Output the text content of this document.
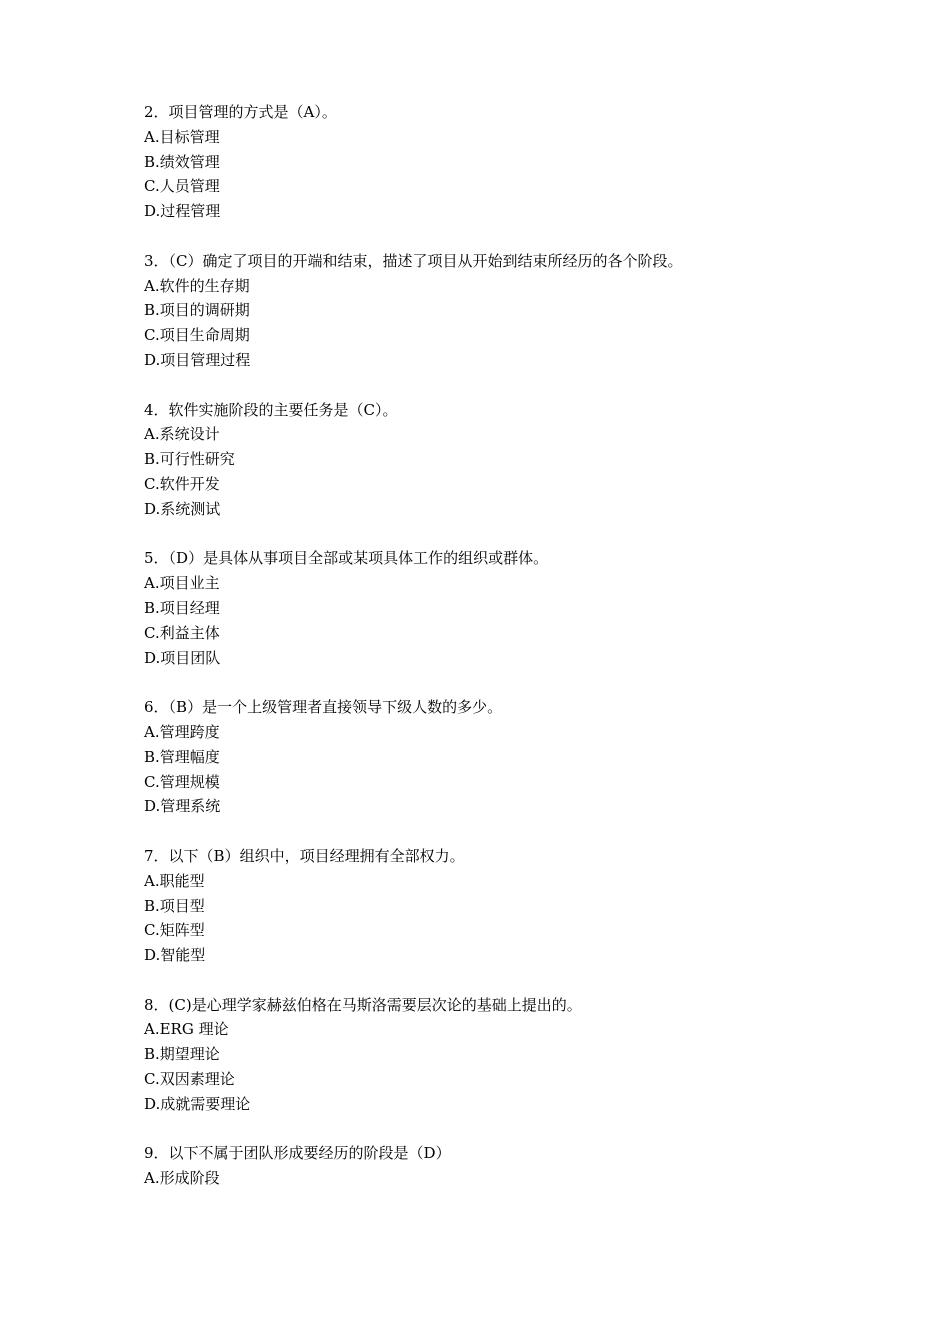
2．项目管理的方式是（A）。
A.目标管理
B.绩效管理
C.人员管理
D.过程管理
3．（C）确定了项目的开端和结束，描述了项目从开始到结束所经历的各个阶段。
A.软件的生存期
B.项目的调研期
C.项目生命周期
D.项目管理过程
4．软件实施阶段的主要任务是（C）。
A.系统设计
B.可行性研究
C.软件开发
D.系统测试
5．（D）是具体从事项目全部或某项具体工作的组织或群体。
A.项目业主
B.项目经理
C.利益主体
D.项目团队
6．（B）是一个上级管理者直接领导下级人数的多少。
A.管理跨度
B.管理幅度
C.管理规模
D.管理系统
7．以下（B）组织中，项目经理拥有全部权力。
A.职能型
B.项目型
C.矩阵型
D.智能型
8．(C)是心理学家赫兹伯格在马斯洛需要层次论的基础上提出的。
A.ERG 理论
B.期望理论
C.双因素理论
D.成就需要理论
9．以下不属于团队形成要经历的阶段是（D）
A.形成阶段
